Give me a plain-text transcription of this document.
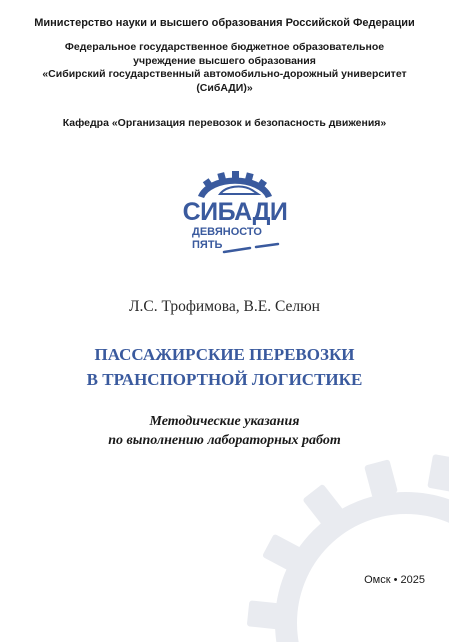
Министерство науки и высшего образования Российской Федерации
Федеральное государственное бюджетное образовательное
учреждение высшего образования
«Сибирский государственный автомобильно-дорожный университет
(СибАДИ)»
Кафедра «Организация перевозок и безопасность движения»
СИБАДИ
ДЕВЯНОСТО
ПЯТЬ
Л.С. Трофимова, В.Е. Селюн
ПАССАЖИРСКИЕ ПЕРЕВОЗКИ
В ТРАНСПОРТНОЙ ЛОГИСТИКЕ
Методические указания
по выполнению лабораторных работ
Омск • 2025
